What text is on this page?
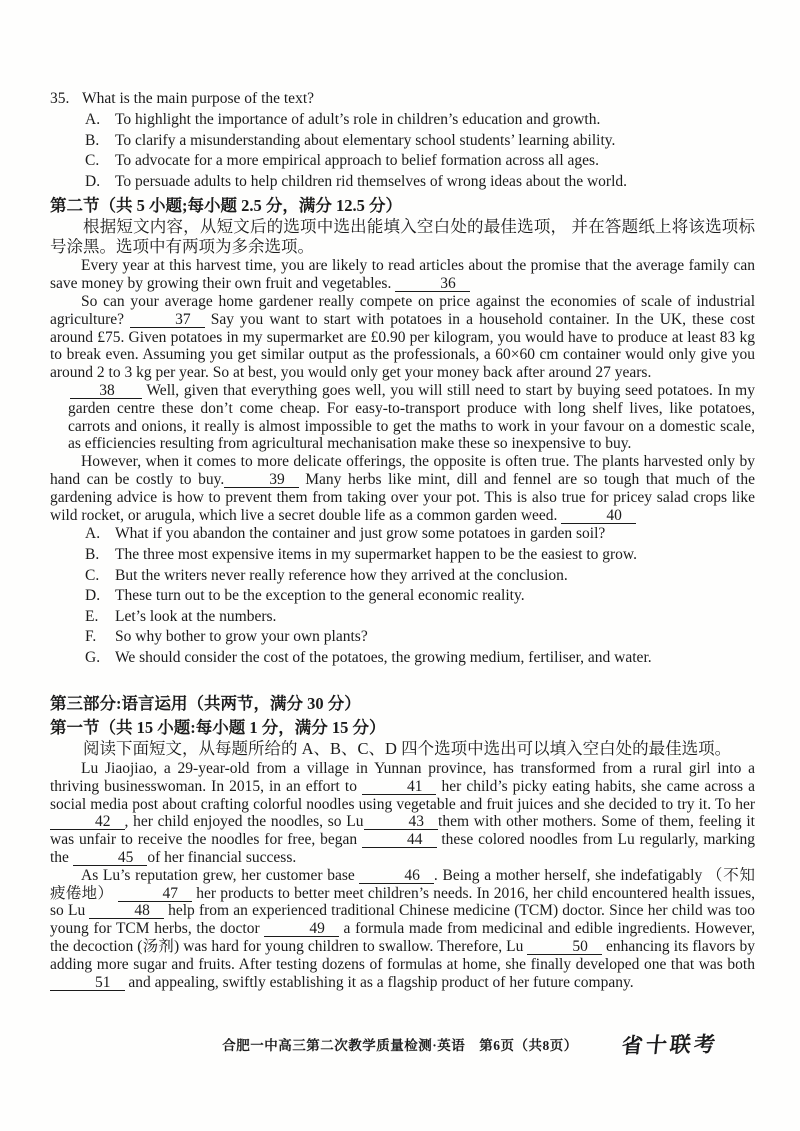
35. What is the main purpose of the text?
A. To highlight the importance of adult’s role in children’s education and growth.
B.	To clarify a misunderstanding about elementary school students’ learning ability.
C.	To advocate for a more empirical approach to belief formation across all ages.
D. To persuade adults to help children rid themselves of wrong ideas about the world.
第二节（共 5 小题;每小题 2.5 分，满分 12.5 分）

根据短文内容，从短文后的选项中选出能填入空白处的最佳选项， 并在答题纸上将该选项标号涂黑。选项中有两项为多余选项。

Every year at this harvest time, you are likely to read articles about the promise that the average family can save money by growing their own fruit and vegetables.	36

So can your average home gardener really compete on price against the economies of scale of industrial agriculture?	37 Say you want to start with potatoes in a household container. In the UK, these cost around £75. Given potatoes in my supermarket are £0.90 per kilogram, you would have to produce at least 83 kg to break even. Assuming you get similar output as the professionals, a 60×60 cm container would only give you around 2 to 3 kg per year. So at best, you would only get your money back after around 27 years.

38 Well, given that everything goes well, you will still need to start by buying seed potatoes. In my garden centre these don’t come cheap. For easy-to-transport produce with long shelf lives, like potatoes, carrots and onions, it really is almost impossible to get the maths to work in your favour on a domestic scale, as efficiencies resulting from agricultural mechanisation make these so inexpensive to buy.

However, when it comes to more delicate offerings, the opposite is often true. The plants harvested only by hand can be costly to buy.	39 Many herbs like mint, dill and fennel are so tough that much of the gardening advice is how to prevent them from taking over your pot. This is also true for pricey salad crops like wild rocket, or arugula, which live a secret double life as a common garden weed.	40

A. What if you abandon the container and just grow some potatoes in garden soil?
B.	The three most expensive items in my supermarket happen to be the easiest to grow.
C.	But the writers never really reference how they arrived at the conclusion.
D. These turn out to be the exception to the general economic reality.
E.	Let’s look at the numbers.
F.	So why bother to grow your own plants?
G. We should consider the cost of the potatoes, the growing medium, fertiliser, and water.
第三部分:语言运用（共两节，满分 30 分）
第一节（共 15 小题:每小题 1 分，满分 15 分）

阅读下面短文，从每题所给的 A、B、C、D 四个选项中选出可以填入空白处的最佳选项。

Lu Jiaojiao, a 29-year-old from a village in Yunnan province, has transformed from a rural girl into a thriving businesswoman. In 2015, in an effort to	41 her child’s picky eating habits, she came across a social media post about crafting colorful noodles using vegetable and fruit juices and she decided to try it. To her 42 , her child enjoyed the noodles, so Lu	43 them with other mothers. Some of them, feeling it was unfair to receive the noodles for free, began	44 these colored noodles from Lu regularly, marking the	45 of her financial success.

As Lu’s reputation grew, her customer base	46 . Being a mother herself, she indefatigably （不知疲倦地）	47 her products to better meet children’s needs. In 2016, her child encountered health issues, so Lu	48 help from an experienced traditional Chinese medicine (TCM) doctor. Since her child was too young for TCM herbs, the doctor	49 a formula made from medicinal and edible ingredients. However, the decoction (汤剂) was hard for young children to swallow. Therefore, Lu	50 enhancing its flavors by adding more sugar and fruits. After testing dozens of formulas at home, she finally developed one that was both 51 and appealing, swiftly establishing it as a flagship product of her future company.

合肥一中高三第二次教学质量检测·英语　第6页（共8页）	省十联考
